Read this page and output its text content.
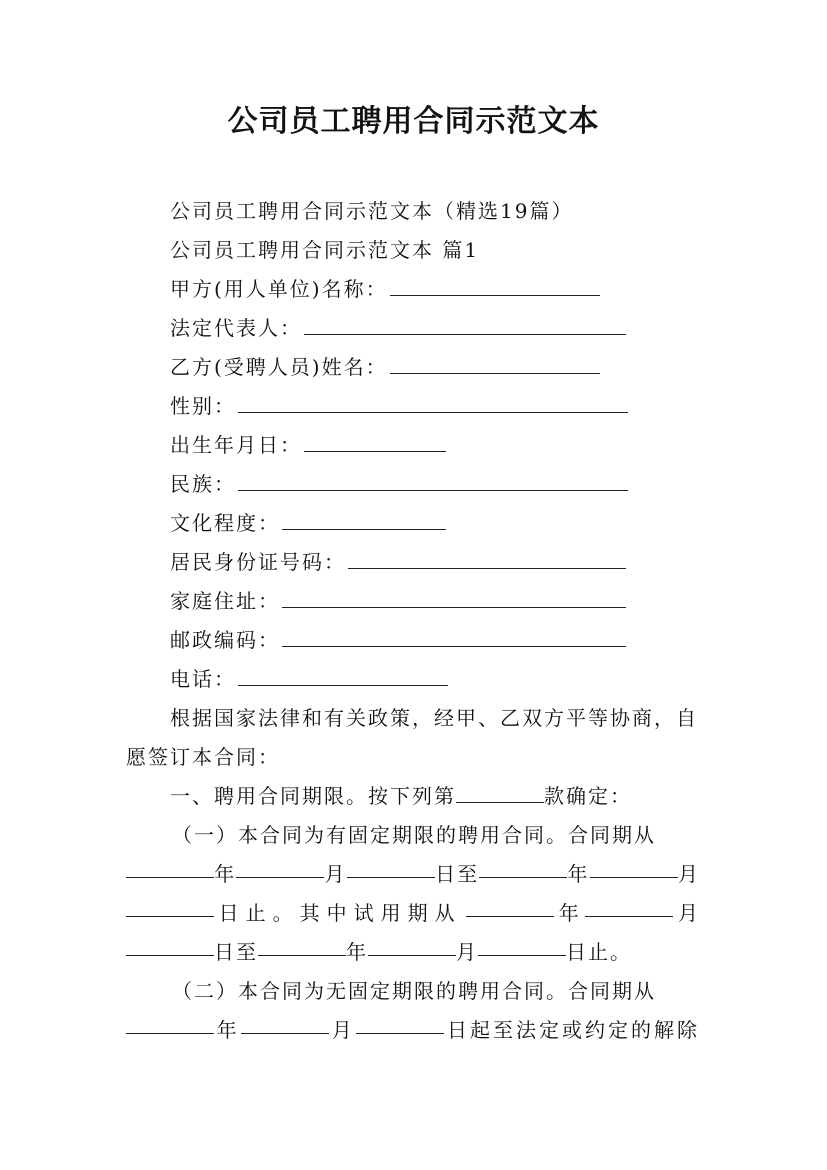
公司员工聘用合同示范文本
公司员工聘用合同示范文本（精选19篇）
公司员工聘用合同示范文本 篇1
甲方(用人单位)名称：
法定代表人：
乙方(受聘人员)姓名：
性别：
出生年月日：
民族：
文化程度：
居民身份证号码：
家庭住址：
邮政编码：
电话：
根据国家法律和有关政策，经甲、乙双方平等协商，自
愿签订本合同：
一、聘用合同期限。按下列第	款确定：
（一）本合同为有固定期限的聘用合同。合同期从
年	月	日至	年	月
日止。其中试用期从	年	月
日至	年	月	日止。
（二）本合同为无固定期限的聘用合同。合同期从
年	月	日起至法定或约定的解除
